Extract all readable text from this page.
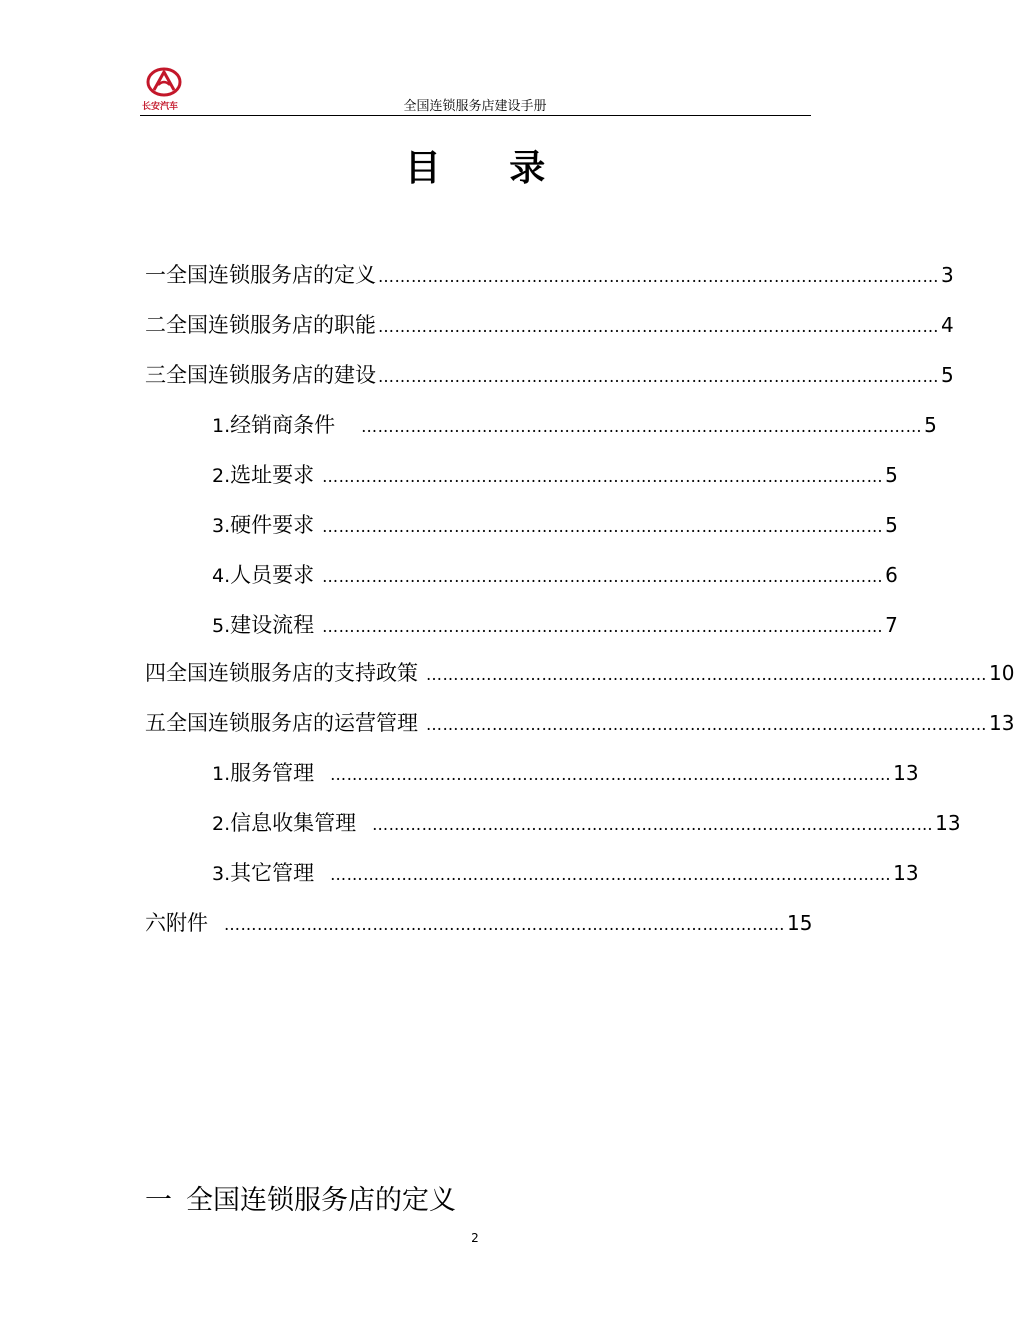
长安汽车	全国连锁服务店建设手册
目 录
一 全国连锁服务店的定义 ………………………………………………………………………………………… 3
二 全国连锁服务店的职能 ………………………………………………………………………………………… 4
三 全国连锁服务店的建设 ………………………………………………………………………………………… 5
1. 经销商条件 ………………………………………………………………………………………… 5
2. 选址要求 ………………………………………………………………………………………… 5
3. 硬件要求 ………………………………………………………………………………………… 5
4. 人员要求 ………………………………………………………………………………………… 6
5. 建设流程 ………………………………………………………………………………………… 7
四 全国连锁服务店的支持政策 ………………………………………………………………………………………… 10
五 全国连锁服务店的运营管理 ………………………………………………………………………………………… 13
1. 服务管理 ………………………………………………………………………………………… 13
2. 信息收集管理 ………………………………………………………………………………………… 13
3. 其它管理 ………………………………………………………………………………………… 13
六 附件 ………………………………………………………………………………………… 15
一 全国连锁服务店的定义
2
